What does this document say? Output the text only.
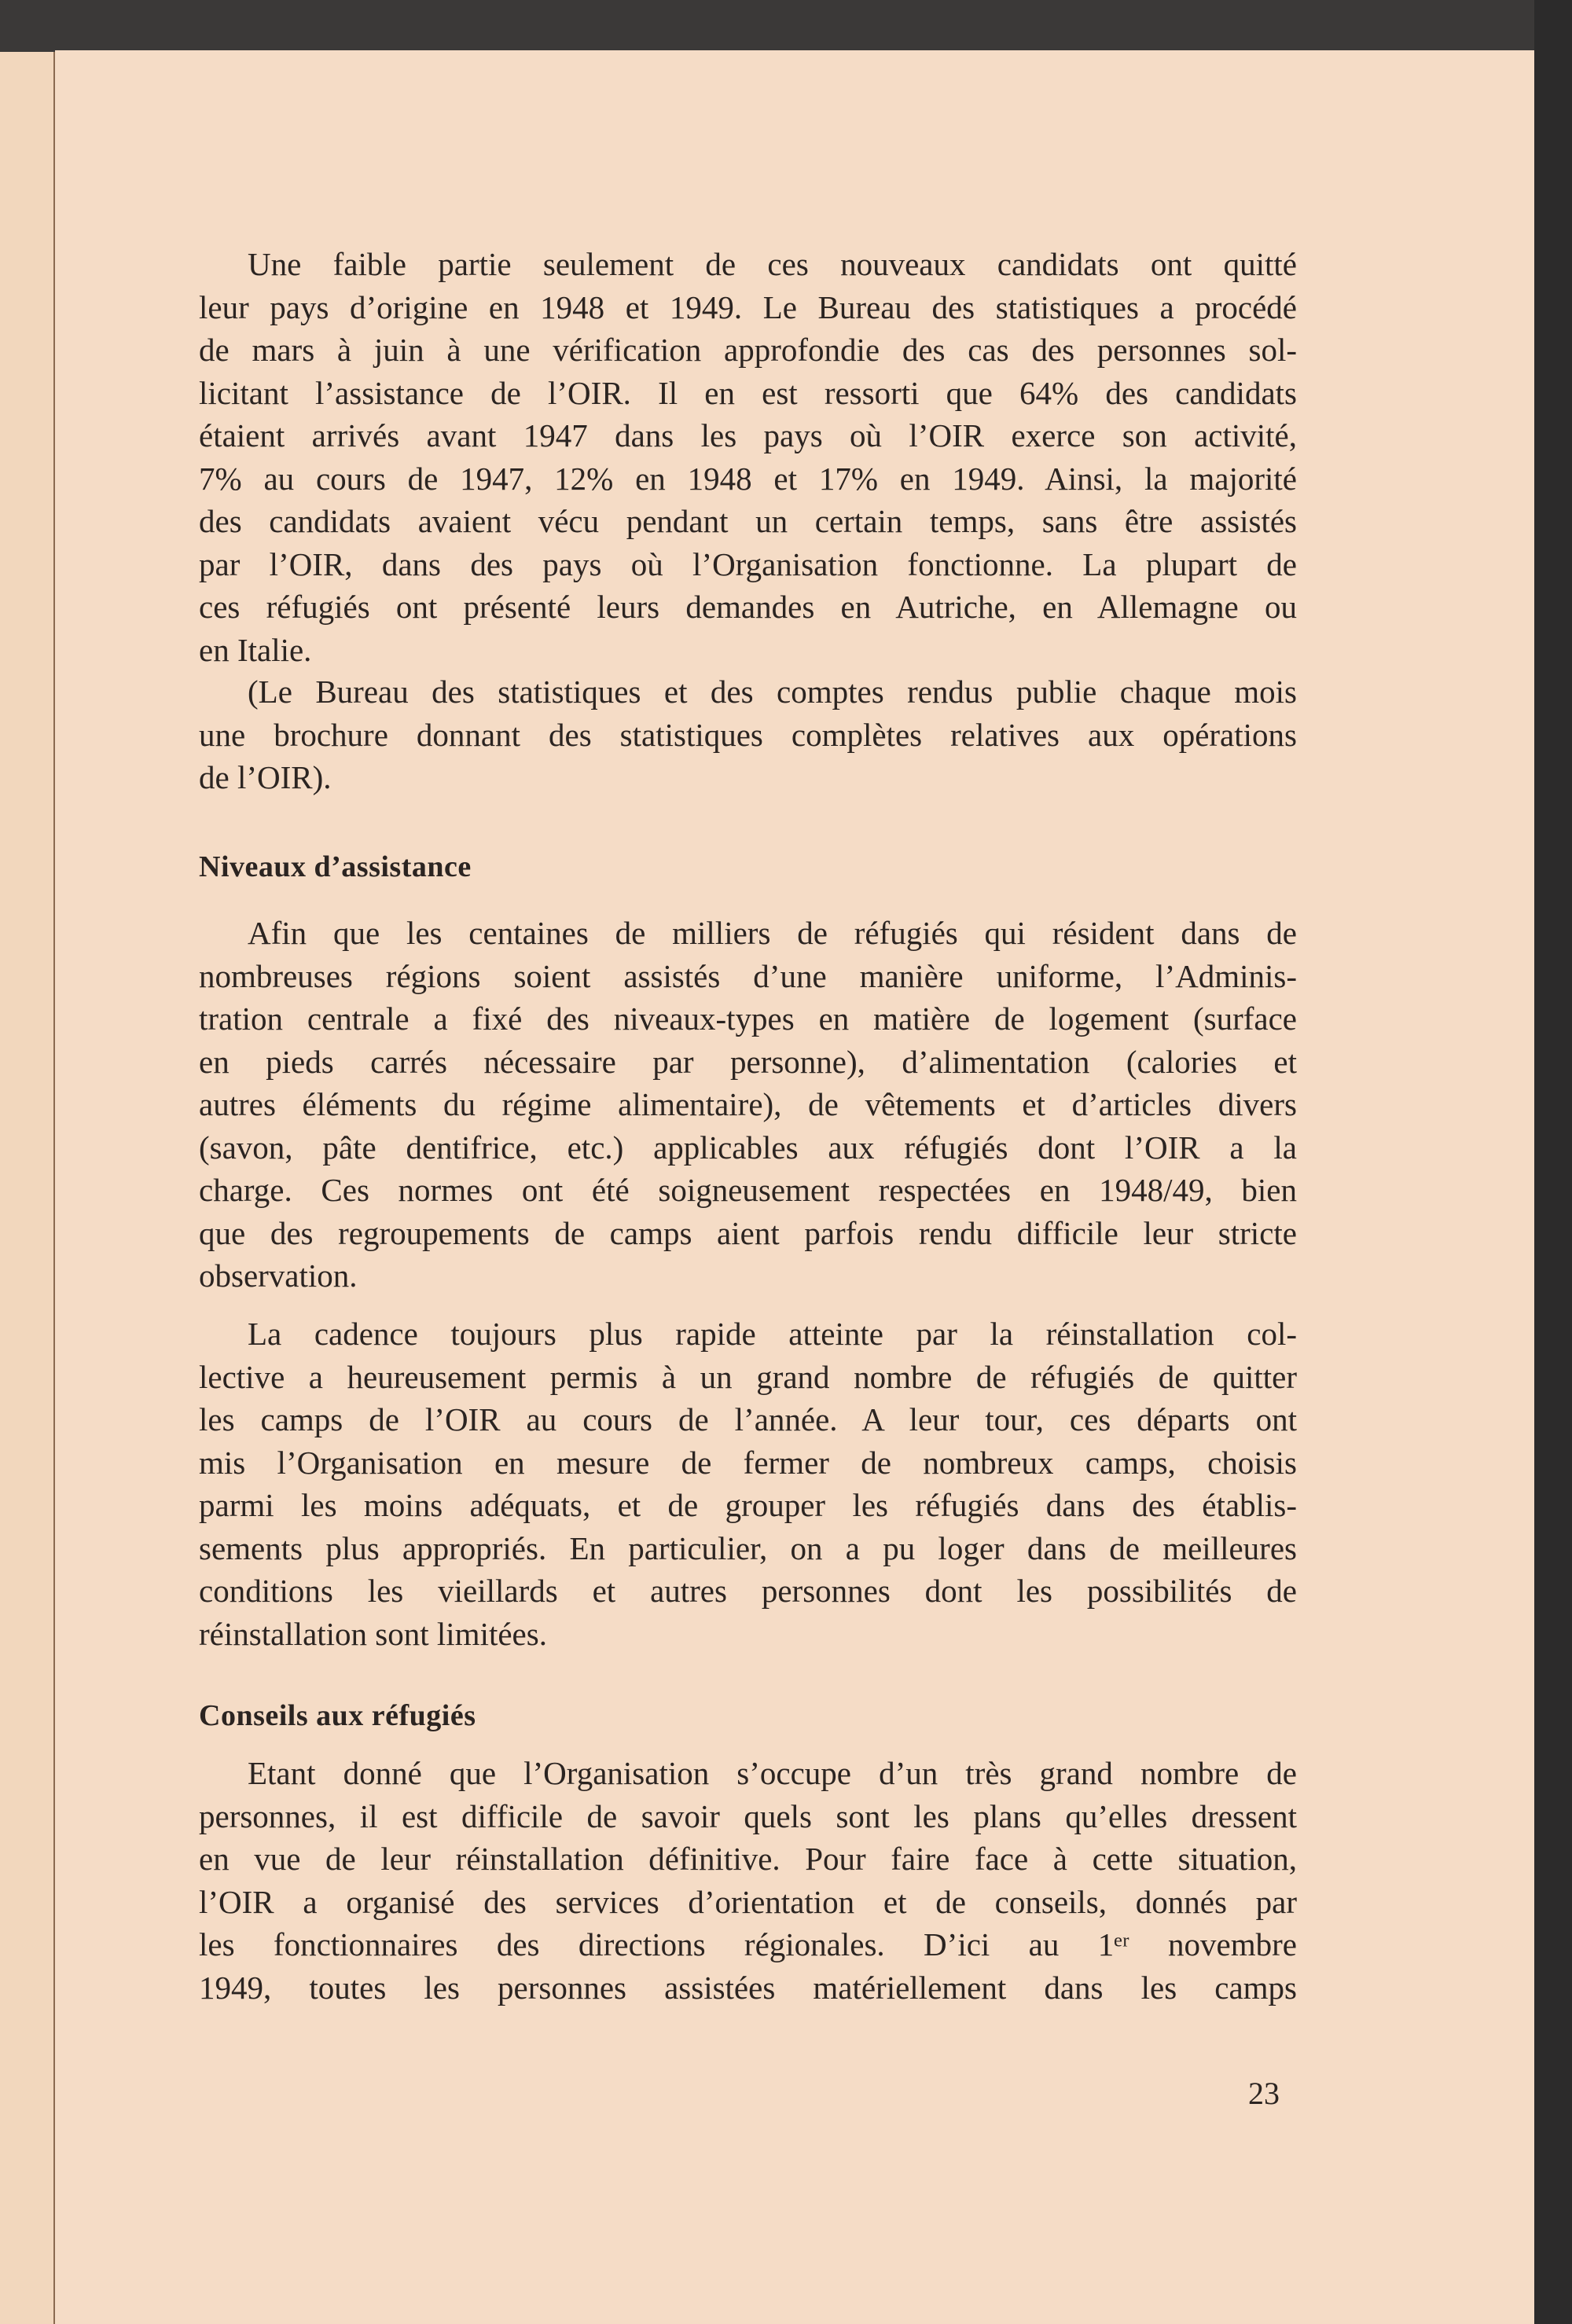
Une faible partie seulement de ces nouveaux candidats ont quitté
leur pays d’origine en 1948 et 1949. Le Bureau des statistiques a procédé
de mars à juin à une vérification approfondie des cas des personnes sol-
licitant l’assistance de l’OIR. Il en est ressorti que 64% des candidats
étaient arrivés avant 1947 dans les pays où l’OIR exerce son activité,
7% au cours de 1947, 12% en 1948 et 17% en 1949. Ainsi, la majorité
des candidats avaient vécu pendant un certain temps, sans être assistés
par l’OIR, dans des pays où l’Organisation fonctionne. La plupart de
ces réfugiés ont présenté leurs demandes en Autriche, en Allemagne ou
en Italie.
(Le Bureau des statistiques et des comptes rendus publie chaque mois
une brochure donnant des statistiques complètes relatives aux opérations
de l’OIR).
Niveaux d’assistance
Afin que les centaines de milliers de réfugiés qui résident dans de
nombreuses régions soient assistés d’une manière uniforme, l’Adminis-
tration centrale a fixé des niveaux-types en matière de logement (surface
en pieds carrés nécessaire par personne), d’alimentation (calories et
autres éléments du régime alimentaire), de vêtements et d’articles divers
(savon, pâte dentifrice, etc.) applicables aux réfugiés dont l’OIR a la
charge. Ces normes ont été soigneusement respectées en 1948/49, bien
que des regroupements de camps aient parfois rendu difficile leur stricte
observation.
La cadence toujours plus rapide atteinte par la réinstallation col-
lective a heureusement permis à un grand nombre de réfugiés de quitter
les camps de l’OIR au cours de l’année. A leur tour, ces départs ont
mis l’Organisation en mesure de fermer de nombreux camps, choisis
parmi les moins adéquats, et de grouper les réfugiés dans des établis-
sements plus appropriés. En particulier, on a pu loger dans de meilleures
conditions les vieillards et autres personnes dont les possibilités de
réinstallation sont limitées.
Conseils aux réfugiés
Etant donné que l’Organisation s’occupe d’un très grand nombre de
personnes, il est difficile de savoir quels sont les plans qu’elles dressent
en vue de leur réinstallation définitive. Pour faire face à cette situation,
l’OIR a organisé des services d’orientation et de conseils, donnés par
les fonctionnaires des directions régionales. D’ici au 1ᵉʳ novembre
1949, toutes les personnes assistées matériellement dans les camps
23
